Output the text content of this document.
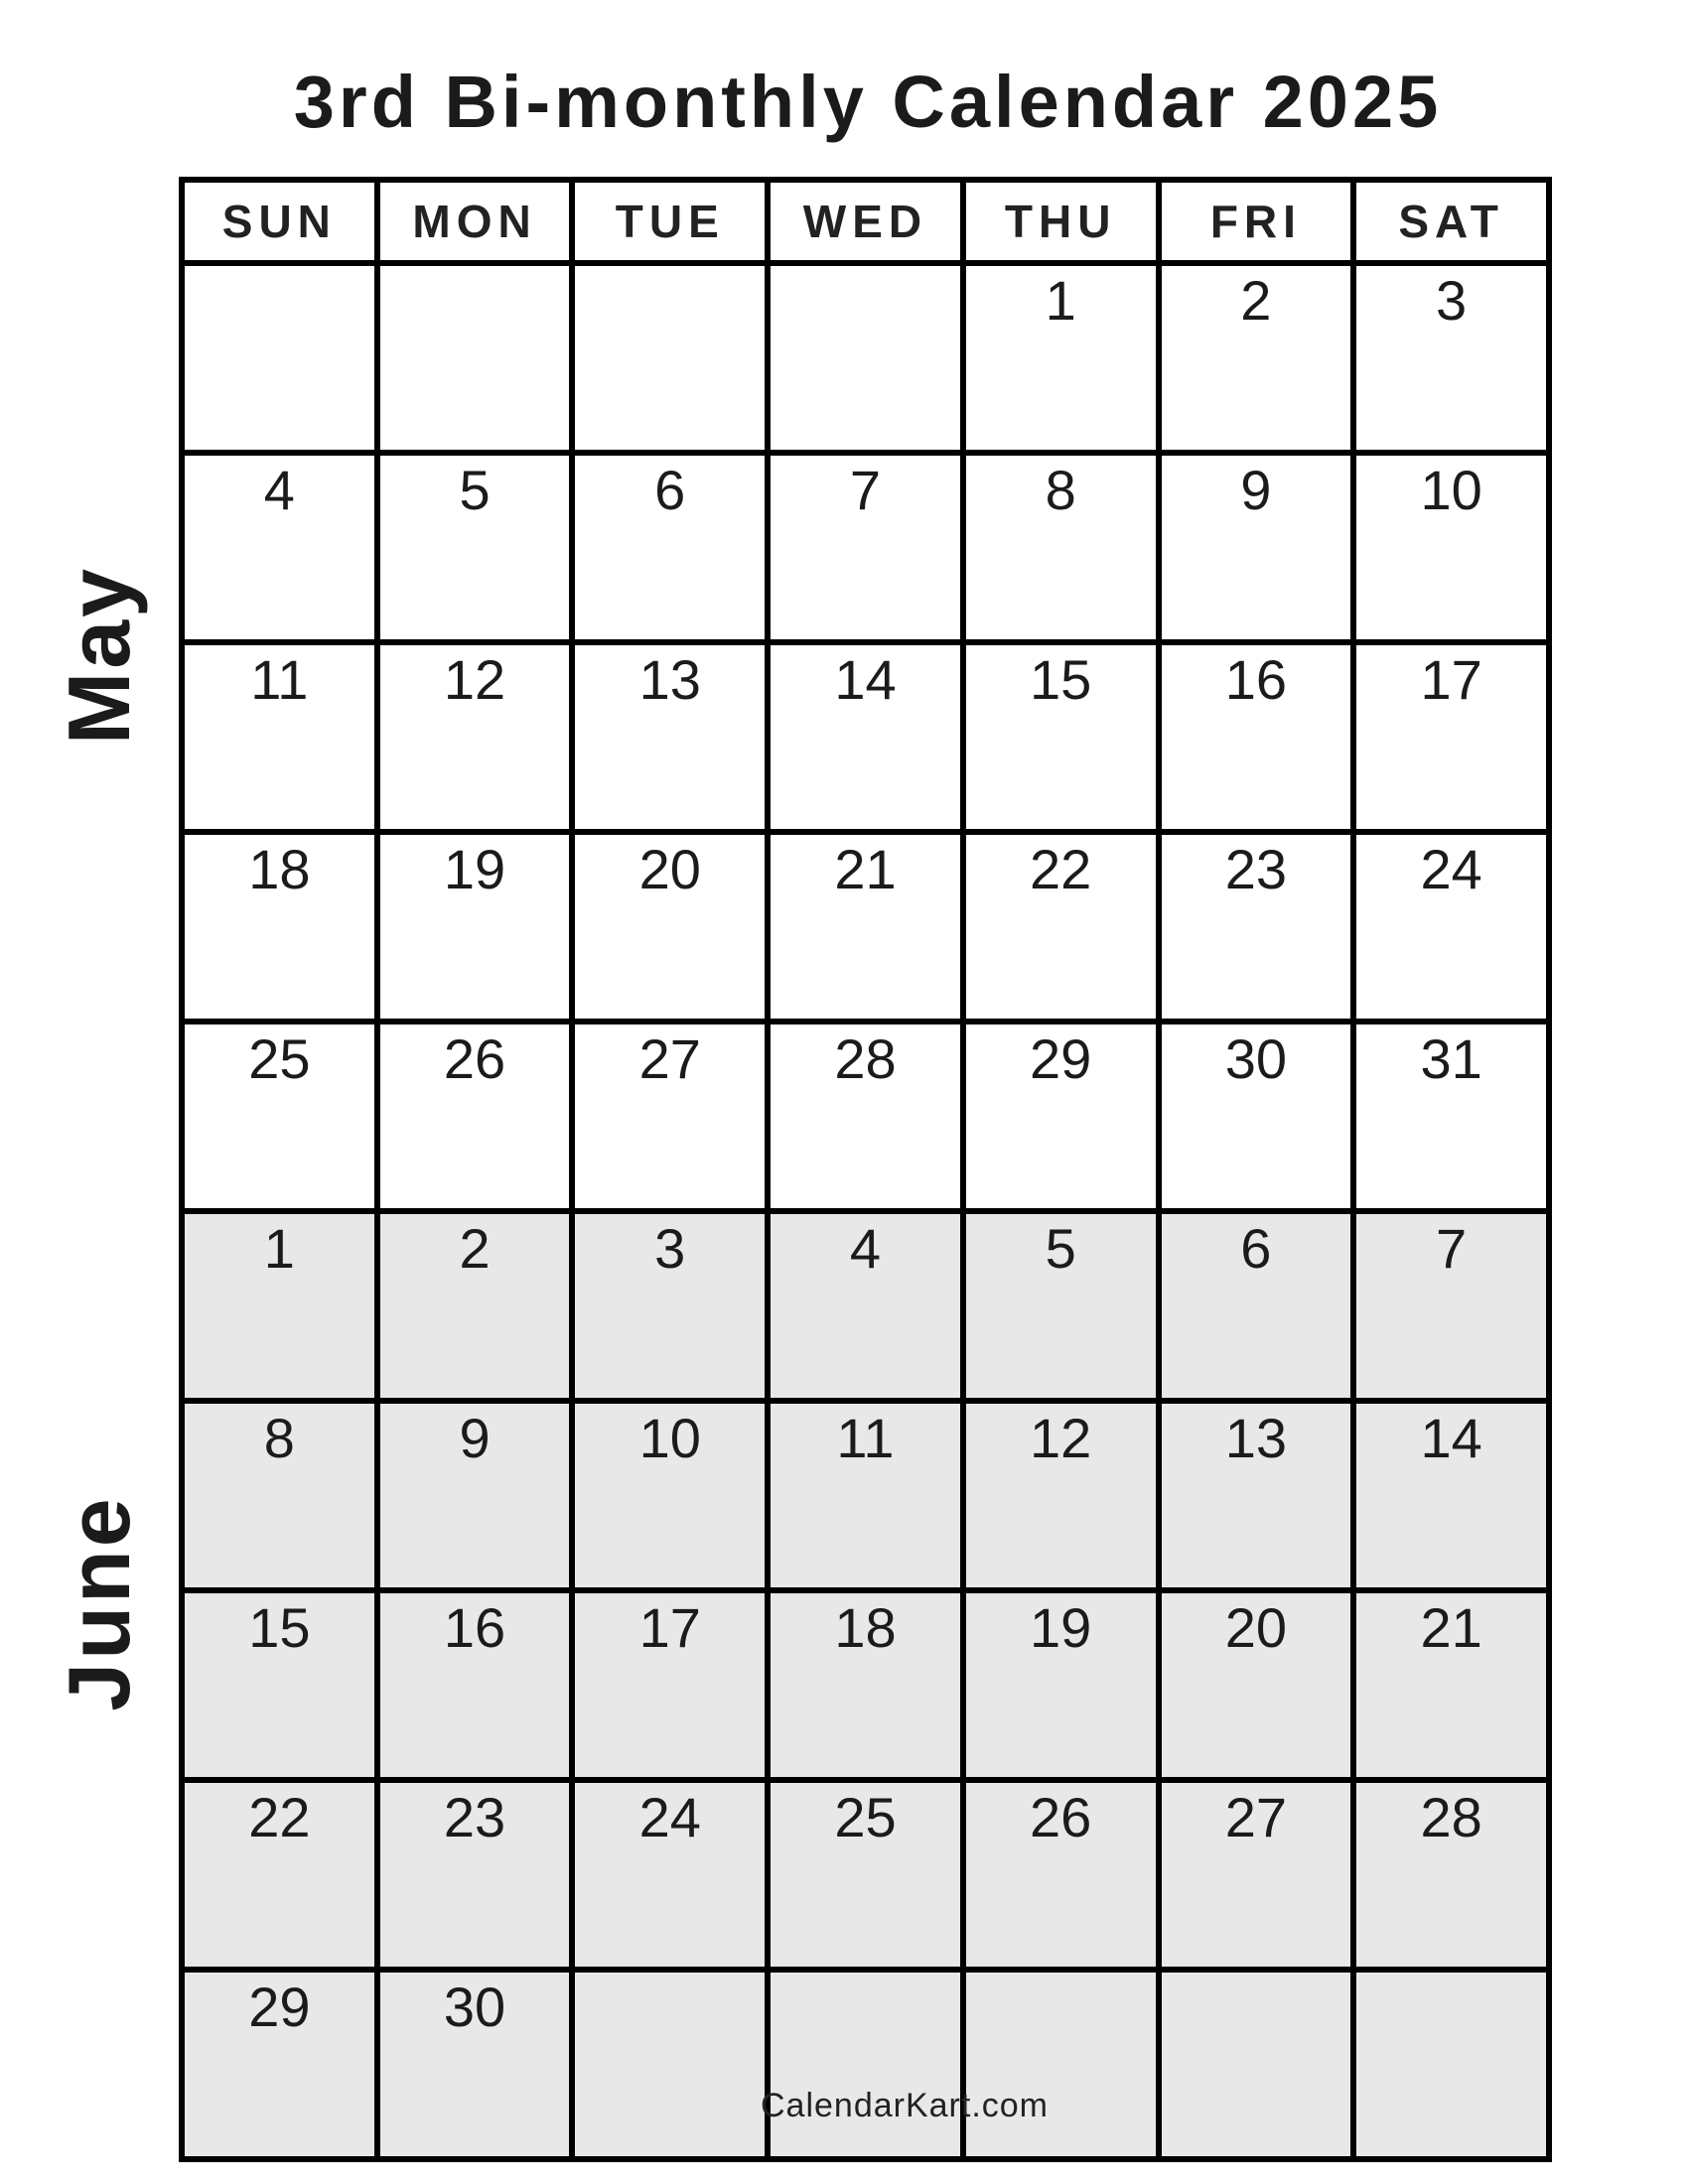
3rd Bi-monthly Calendar 2025
May
June
SUN	MON	TUE	WED	THU	FRI	SAT
				1	2	3
4	5	6	7	8	9	10
11	12	13	14	15	16	17
18	19	20	21	22	23	24
25	26	27	28	29	30	31
1	2	3	4	5	6	7
8	9	10	11	12	13	14
15	16	17	18	19	20	21
22	23	24	25	26	27	28
29	30					
CalendarKart.com
